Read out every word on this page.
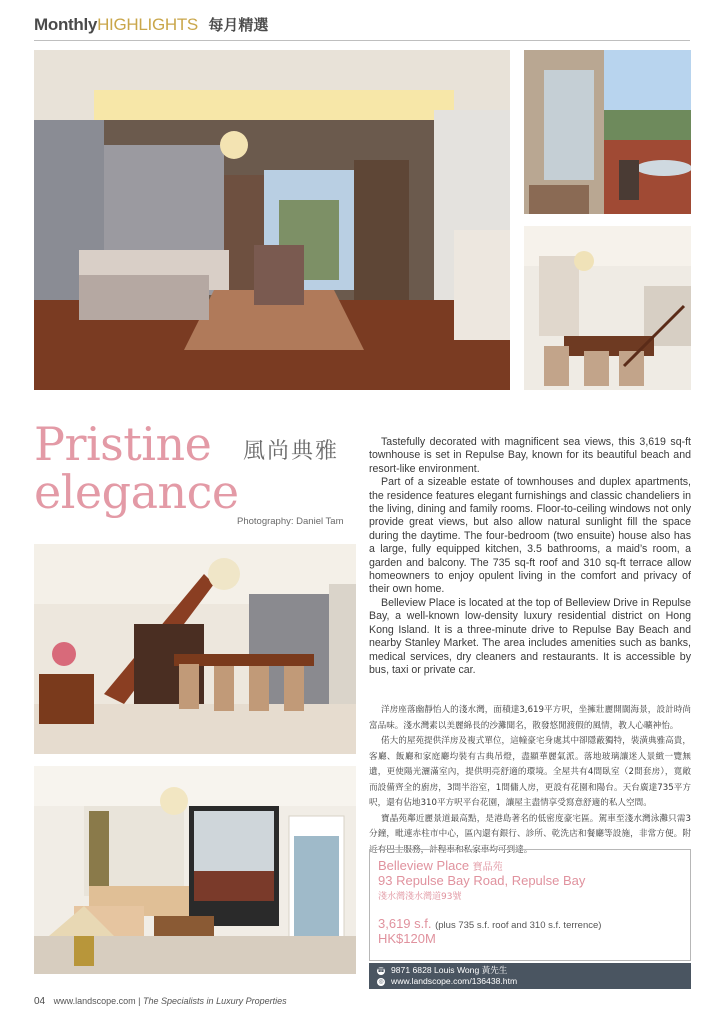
MonthlyHIGHLIGHTS 每月精選
Pristine
elegance
風尚典雅
Photography: Daniel Tam

Tastefully decorated with magnificent sea views, this 3,619 sq-ft townhouse is set in Repulse Bay, known for its beautiful beach and resort-like environment.

Part of a sizeable estate of townhouses and duplex apartments, the residence features elegant furnishings and classic chandeliers in the living, dining and family rooms. Floor-to-ceiling windows not only provide great views, but also allow natural sunlight fill the space during the daytime. The four-bedroom (two ensuite) house also has a large, fully equipped kitchen, 3.5 bathrooms, a maid’s room, a garden and balcony. The 735 sq-ft roof and 310 sq-ft terrace allow homeowners to enjoy opulent living in the comfort and privacy of their own home.

Belleview Place is located at the top of Belleview Drive in Repulse Bay, a well-known low-density luxury residential district on Hong Kong Island. It is a three-minute drive to Repulse Bay Beach and nearby Stanley Market. The area includes amenities such as banks, medical services, dry cleaners and restaurants. It is accessible by bus, taxi or private car.

洋房座落幽靜怡人的淺水灣，面積達3,619平方呎，坐擁壯麗開闊海景，設計時尚富品味。淺水灣素以美麗綿長的沙灘聞名，散發悠閒渡假的風情，教人心曠神怡。

偌大的屋苑提供洋房及複式單位，這幢豪宅身處其中卻隱蔽獨特，裝潢典雅高貴，客廳、飯廳和家庭廳均裝有古典吊燈，盡顯華麗氣派。落地玻璃讓迷人景緻一覽無遺，更使陽光灑滿室內，提供明亮舒適的環境。全屋共有4間臥室（2間套房），寬敞而設備齊全的廚房，3間半浴室，1間傭人房，更設有花園和陽台。天台廣達735平方呎，還有佔地310平方呎平台花園，讓屋主盡情享受寫意舒適的私人空間。

寶晶苑鄰近麗景道最高點，是港島著名的低密度豪宅區。駕車至淺水灣泳灘只需3分鐘，毗連赤柱市中心，區內還有銀行、診所、乾洗店和餐廳等設施，非常方便。附近有巴士服務，計程車和私家車均可到達。

Belleview Place 寶晶苑
93 Repulse Bay Road, Repulse Bay
淺水灣淺水灣道93號
3,619 s.f. (plus 735 s.f. roof and 310 s.f. terrence)
HK$120M
☎ 9871 6828 Louis Wong 黃先生
◎ www.landscope.com/136438.htm
04 www.landscope.com | The Specialists in Luxury Properties
